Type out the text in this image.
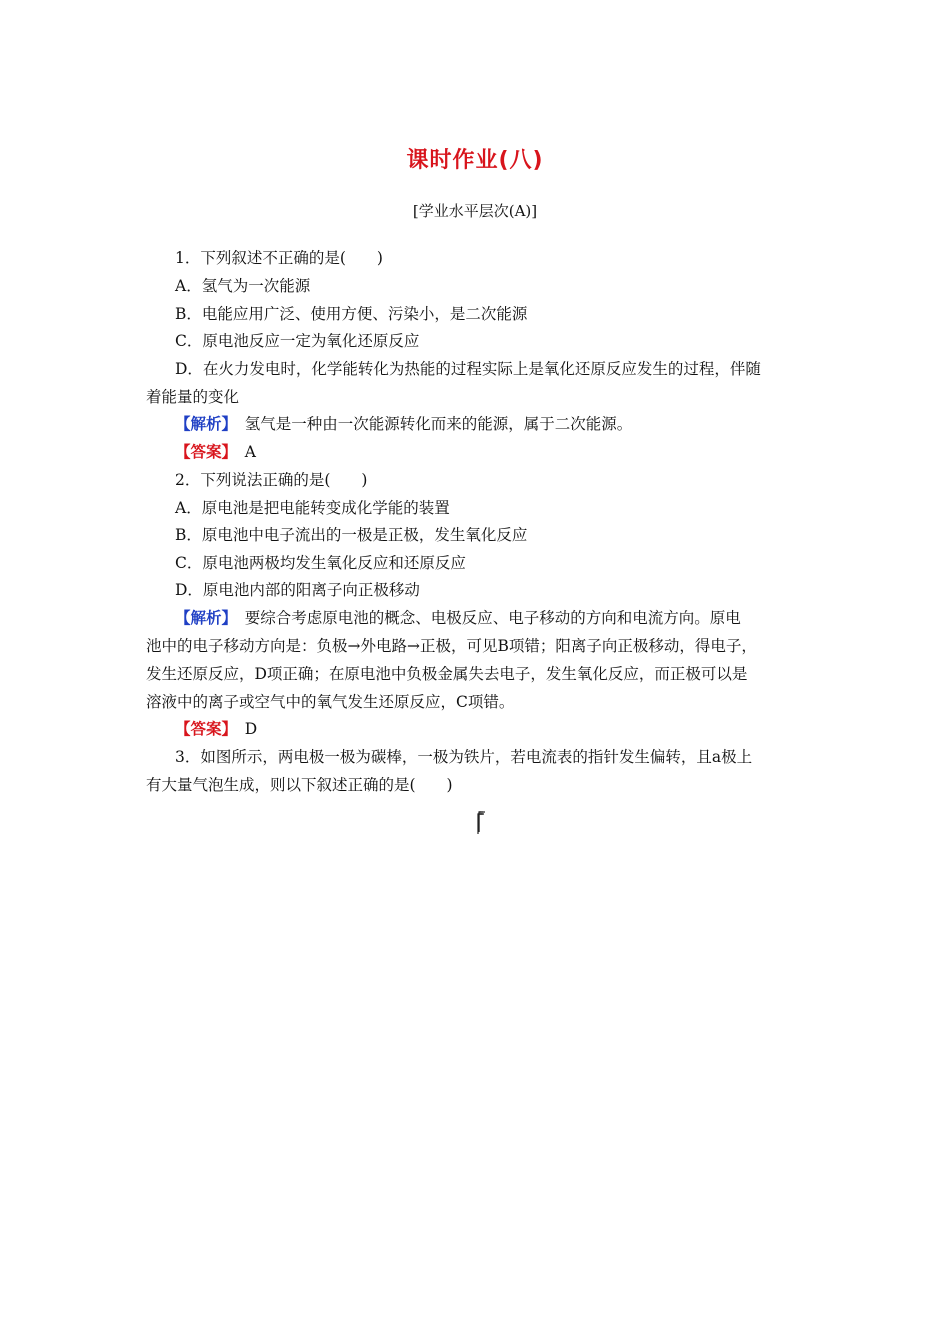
课时作业(八)
[学业水平层次(A)]
1．下列叙述不正确的是(　　)
A．氢气为一次能源
B．电能应用广泛、使用方便、污染小，是二次能源
C．原电池反应一定为氧化还原反应
D．在火力发电时，化学能转化为热能的过程实际上是氧化还原反应发生的过程，伴随
着能量的变化
【解析】　氢气是一种由一次能源转化而来的能源，属于二次能源。
【答案】　A
2．下列说法正确的是(　　)
A．原电池是把电能转变成化学能的装置
B．原电池中电子流出的一极是正极，发生氧化反应
C．原电池两极均发生氧化反应和还原反应
D．原电池内部的阳离子向正极移动
【解析】　要综合考虑原电池的概念、电极反应、电子移动的方向和电流方向。原电
池中的电子移动方向是：负极→外电路→正极，可见B项错；阳离子向正极移动，得电子，
发生还原反应，D项正确；在原电池中负极金属失去电子，发生氧化反应，而正极可以是
溶液中的离子或空气中的氧气发生还原反应，C项错。
【答案】　D
3．如图所示，两电极一极为碳棒，一极为铁片，若电流表的指针发生偏转，且a极上
有大量气泡生成，则以下叙述正确的是(　　)
